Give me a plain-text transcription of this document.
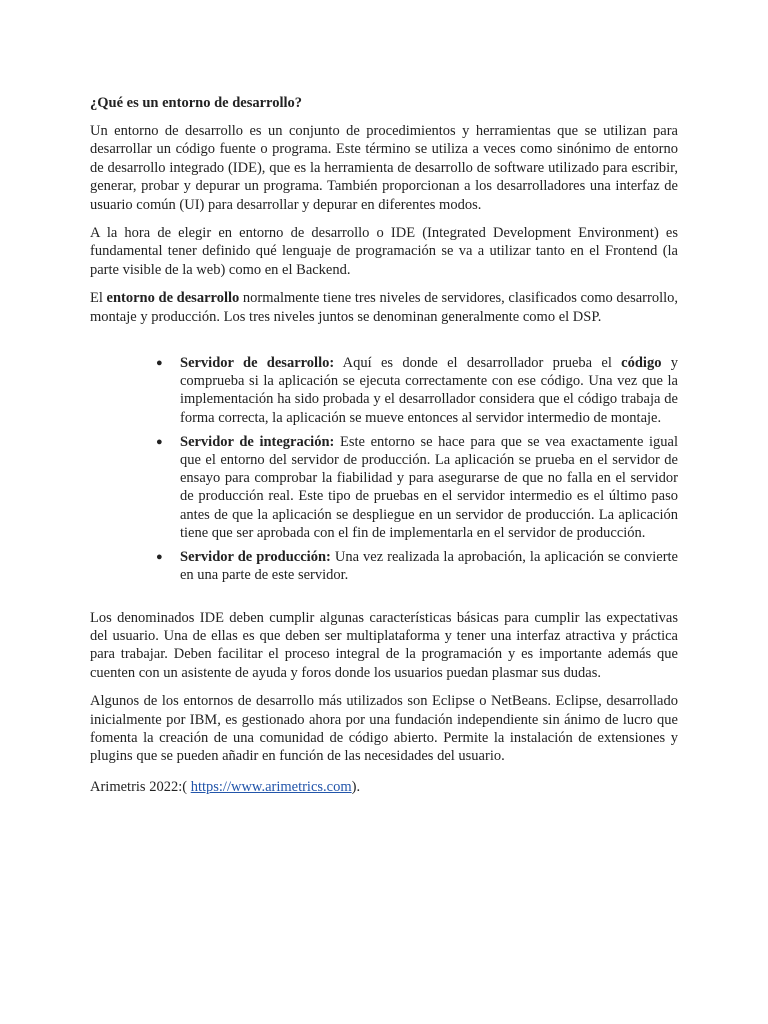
¿Qué es un entorno de desarrollo?

Un entorno de desarrollo es un conjunto de procedimientos y herramientas que se utilizan para desarrollar un código fuente o programa. Este término se utiliza a veces como sinónimo de entorno de desarrollo integrado (IDE), que es la herramienta de desarrollo de software utilizado para escribir, generar, probar y depurar un programa. También proporcionan a los desarrolladores una interfaz de usuario común (UI) para desarrollar y depurar en diferentes modos.

A la hora de elegir en entorno de desarrollo o IDE (Integrated Development Environment) es fundamental tener definido qué lenguaje de programación se va a utilizar tanto en el Frontend (la parte visible de la web) como en el Backend.

El entorno de desarrollo normalmente tiene tres niveles de servidores, clasificados como desarrollo, montaje y producción. Los tres niveles juntos se denominan generalmente como el DSP.

● Servidor de desarrollo: Aquí es donde el desarrollador prueba el código y comprueba si la aplicación se ejecuta correctamente con ese código. Una vez que la implementación ha sido probada y el desarrollador considera que el código trabaja de forma correcta, la aplicación se mueve entonces al servidor intermedio de montaje.
● Servidor de integración: Este entorno se hace para que se vea exactamente igual que el entorno del servidor de producción. La aplicación se prueba en el servidor de ensayo para comprobar la fiabilidad y para asegurarse de que no falla en el servidor de producción real. Este tipo de pruebas en el servidor intermedio es el último paso antes de que la aplicación se despliegue en un servidor de producción. La aplicación tiene que ser aprobada con el fin de implementarla en el servidor de producción.
● Servidor de producción: Una vez realizada la aprobación, la aplicación se convierte en una parte de este servidor.

Los denominados IDE deben cumplir algunas características básicas para cumplir las expectativas del usuario. Una de ellas es que deben ser multiplataforma y tener una interfaz atractiva y práctica para trabajar. Deben facilitar el proceso integral de la programación y es importante además que cuenten con un asistente de ayuda y foros donde los usuarios puedan plasmar sus dudas.

Algunos de los entornos de desarrollo más utilizados son Eclipse o NetBeans. Eclipse, desarrollado inicialmente por IBM, es gestionado ahora por una fundación independiente sin ánimo de lucro que fomenta la creación de una comunidad de código abierto. Permite la instalación de extensiones y plugins que se pueden añadir en función de las necesidades del usuario.

Arimetris 2022:( https://www.arimetrics.com).
